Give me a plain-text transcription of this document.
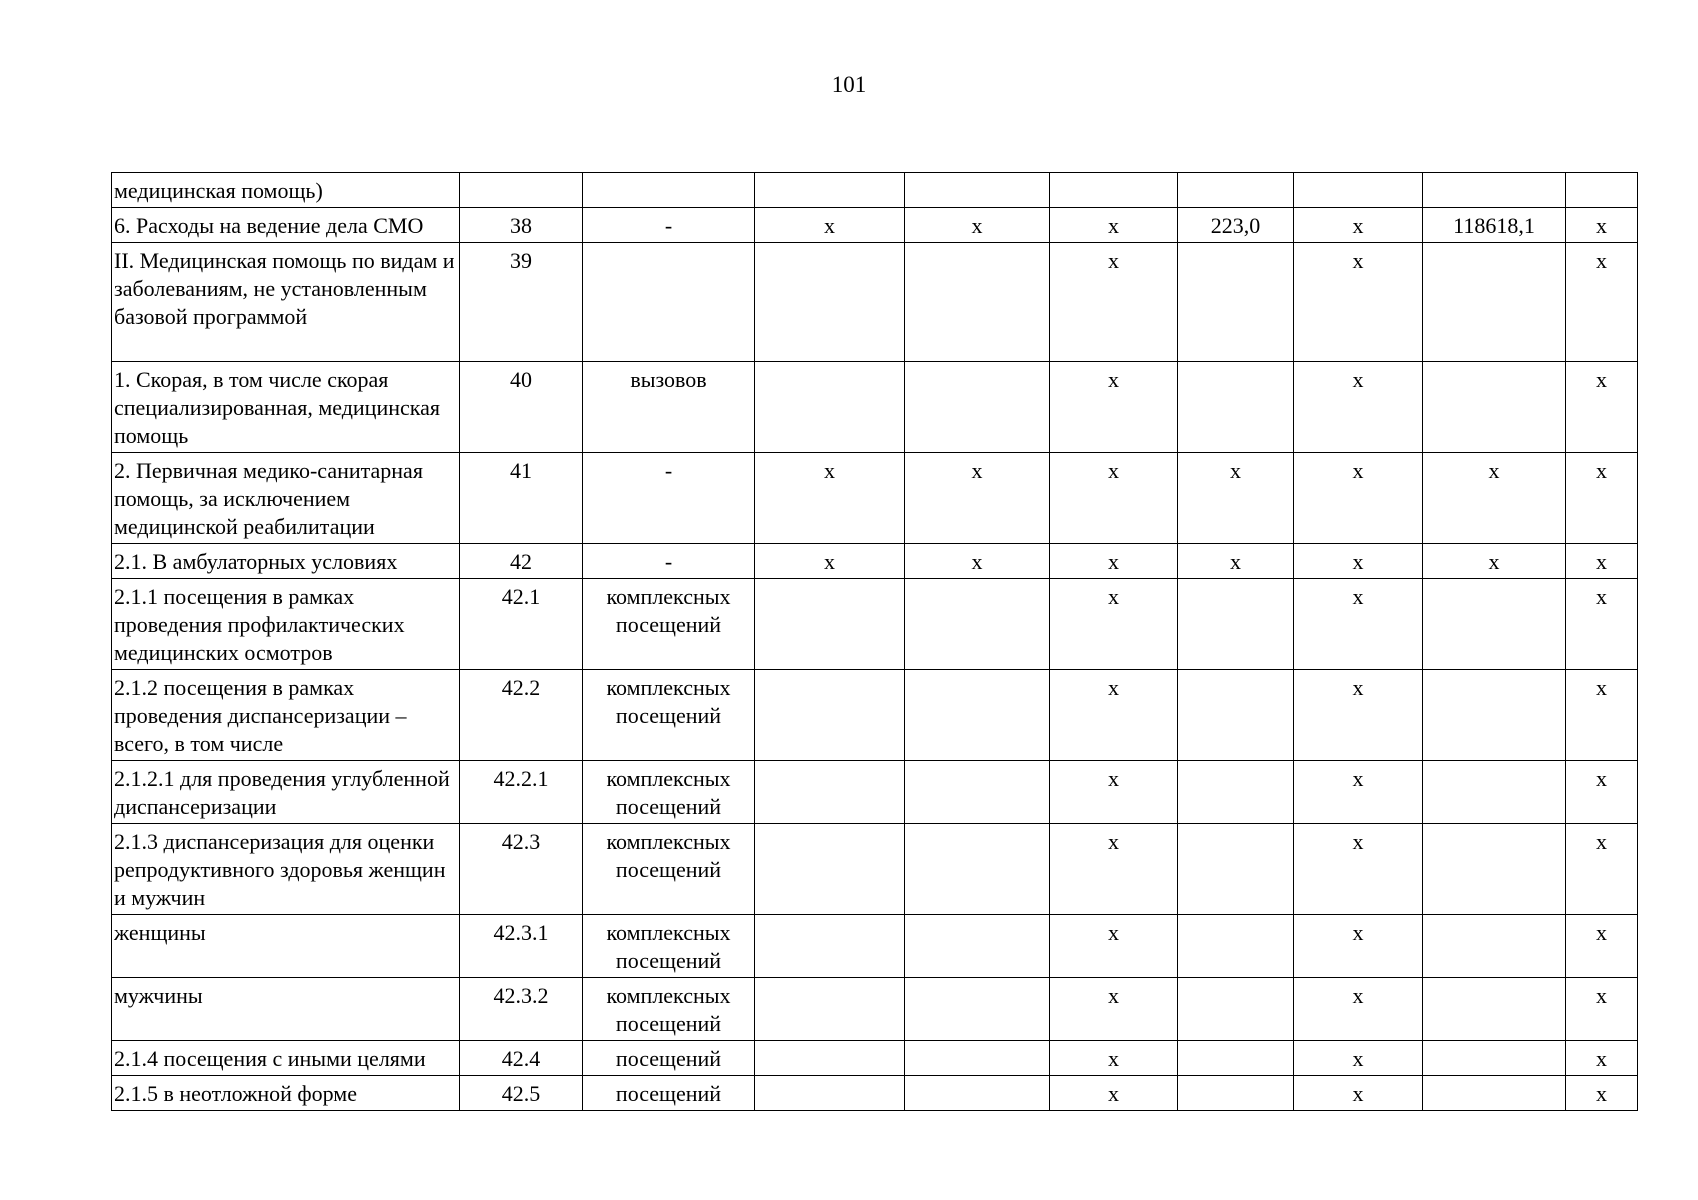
101
медицинская помощь)									
6. Расходы на ведение дела СМО	38	-	х	х	х	223,0	х	118618,1	х
II. Медицинская помощь по видам и заболеваниям, не установленным базовой программой	39				х		х		х
1. Скорая, в том числе скорая специализированная, медицинская помощь	40	вызовов			х		х		х
2. Первичная медико-санитарная помощь, за исключением медицинской реабилитации	41	-	х	х	х	х	х	х	х
2.1. В амбулаторных условиях	42	-	х	х	х	х	х	х	х
2.1.1 посещения в рамках проведения профилактических медицинских осмотров	42.1	комплексных посещений			х		х		х
2.1.2 посещения в рамках проведения диспансеризации – всего, в том числе	42.2	комплексных посещений			х		х		х
2.1.2.1 для проведения углубленной диспансеризации	42.2.1	комплексных посещений			х		х		х
2.1.3 диспансеризация для оценки репродуктивного здоровья женщин и мужчин	42.3	комплексных посещений			х		х		х
женщины	42.3.1	комплексных посещений			х		х		х
мужчины	42.3.2	комплексных посещений			х		х		х
2.1.4 посещения с иными целями	42.4	посещений			х		х		х
2.1.5 в неотложной форме	42.5	посещений			х		х		х
